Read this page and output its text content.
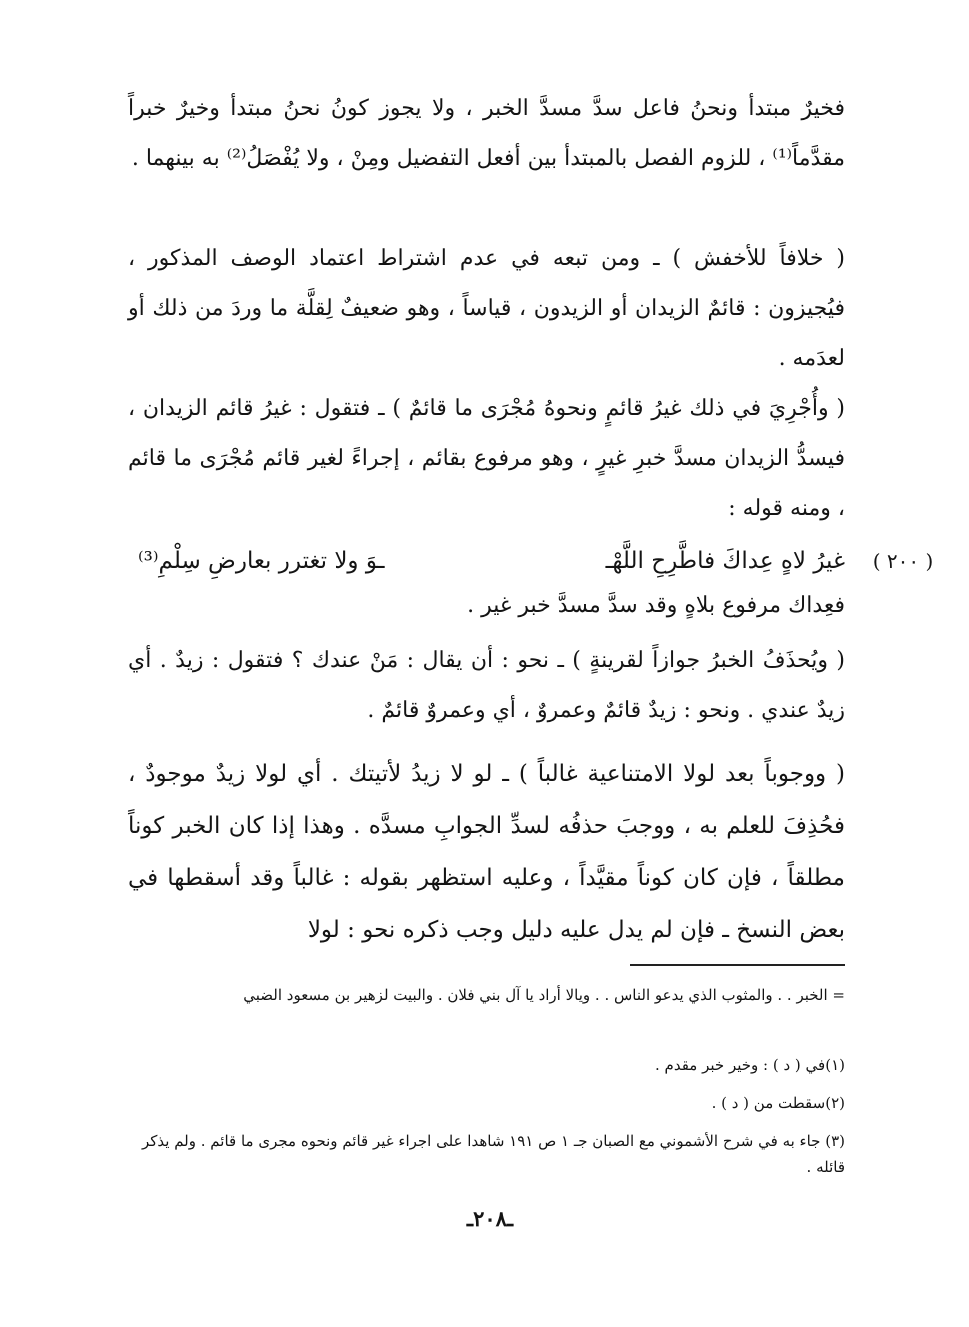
فخيرٌ مبتدأ ونحنُ فاعل سدَّ مسدَّ الخبر ، ولا يجوز كونُ نحنُ مبتدأ وخيرٌ خبراً مقدَّماً⁽¹⁾ ، للزوم الفصل بالمبتدأ بين أفعل التفضيل ومِنْ ، ولا يُفْصَلُ⁽²⁾ به بينهما .

( خلافاً للأخفش ) ـ ومن تبعه في عدم اشتراط اعتماد الوصف المذكور ، فيُجيزون : قائمٌ الزيدان أو الزيدون ، قياساً ، وهو ضعيفٌ لِقلَّة ما وردَ من ذلك أو لعدَمه .

( وأُجْرِيَ في ذلك غيرُ قائمٍ ونحوهُ مُجْرَى ما قائمٌ ) ـ فتقول : غيرُ قائم الزيدان ، فيسدُّ الزيدان مسدَّ خبرِ غيرٍ ، وهو مرفوع بقائم ، إجراءً لغير قائم مُجْرَى ما قائم ، ومنه قوله :

( ٢٠٠ )
غيرُ لاهٍ عِداكَ فاطَّرِحِ اللَّهْـ
ـوَ ولا تغترر بعارضِ سِلْمِ⁽³⁾
فعِداك مرفوع بلاهٍ وقد سدَّ مسدَّ خبر غير .

( ويُحذَفُ الخبرُ جوازاً لقرينةٍ ) ـ نحو : أن يقال : مَنْ عندك ؟ فتقول : زيدٌ . أي زيدٌ عندي . ونحو : زيدٌ قائمٌ وعمروٌ ، أي وعمروٌ قائمٌ .

( ووجوباً بعد لولا الامتناعية غالباً ) ـ لو لا زيدُ لأتيتك . أي لولا زيدٌ موجودٌ ، فحُذِفَ للعلم به ، ووجبَ حذفُه لسدِّ الجوابِ مسدَّه . وهذا إذا كان الخبر كوناً مطلقاً ، فإن كان كوناً مقيَّداً ، وعليه استظهر بقوله : غالباً وقد أسقطها في بعض النسخ ـ فإن لم يدل عليه دليل وجب ذكره نحو : لولا

= الخبر . . والمثوب الذي يدعو الناس . . ويالا أراد يا آل بني فلان . والبيت لزهير بن مسعود الضبي

(١)في ( د ) : وخير خبر مقدم .

(٢)سقطت من ( د ) .

(٣) جاء به في شرح الأشموني مع الصبان جـ ١ ص ١٩١ شاهدا على اجراء غير قائم ونحوه مجرى ما قائم . ولم يذكر قائله .

ـ٢٠٨ـ
